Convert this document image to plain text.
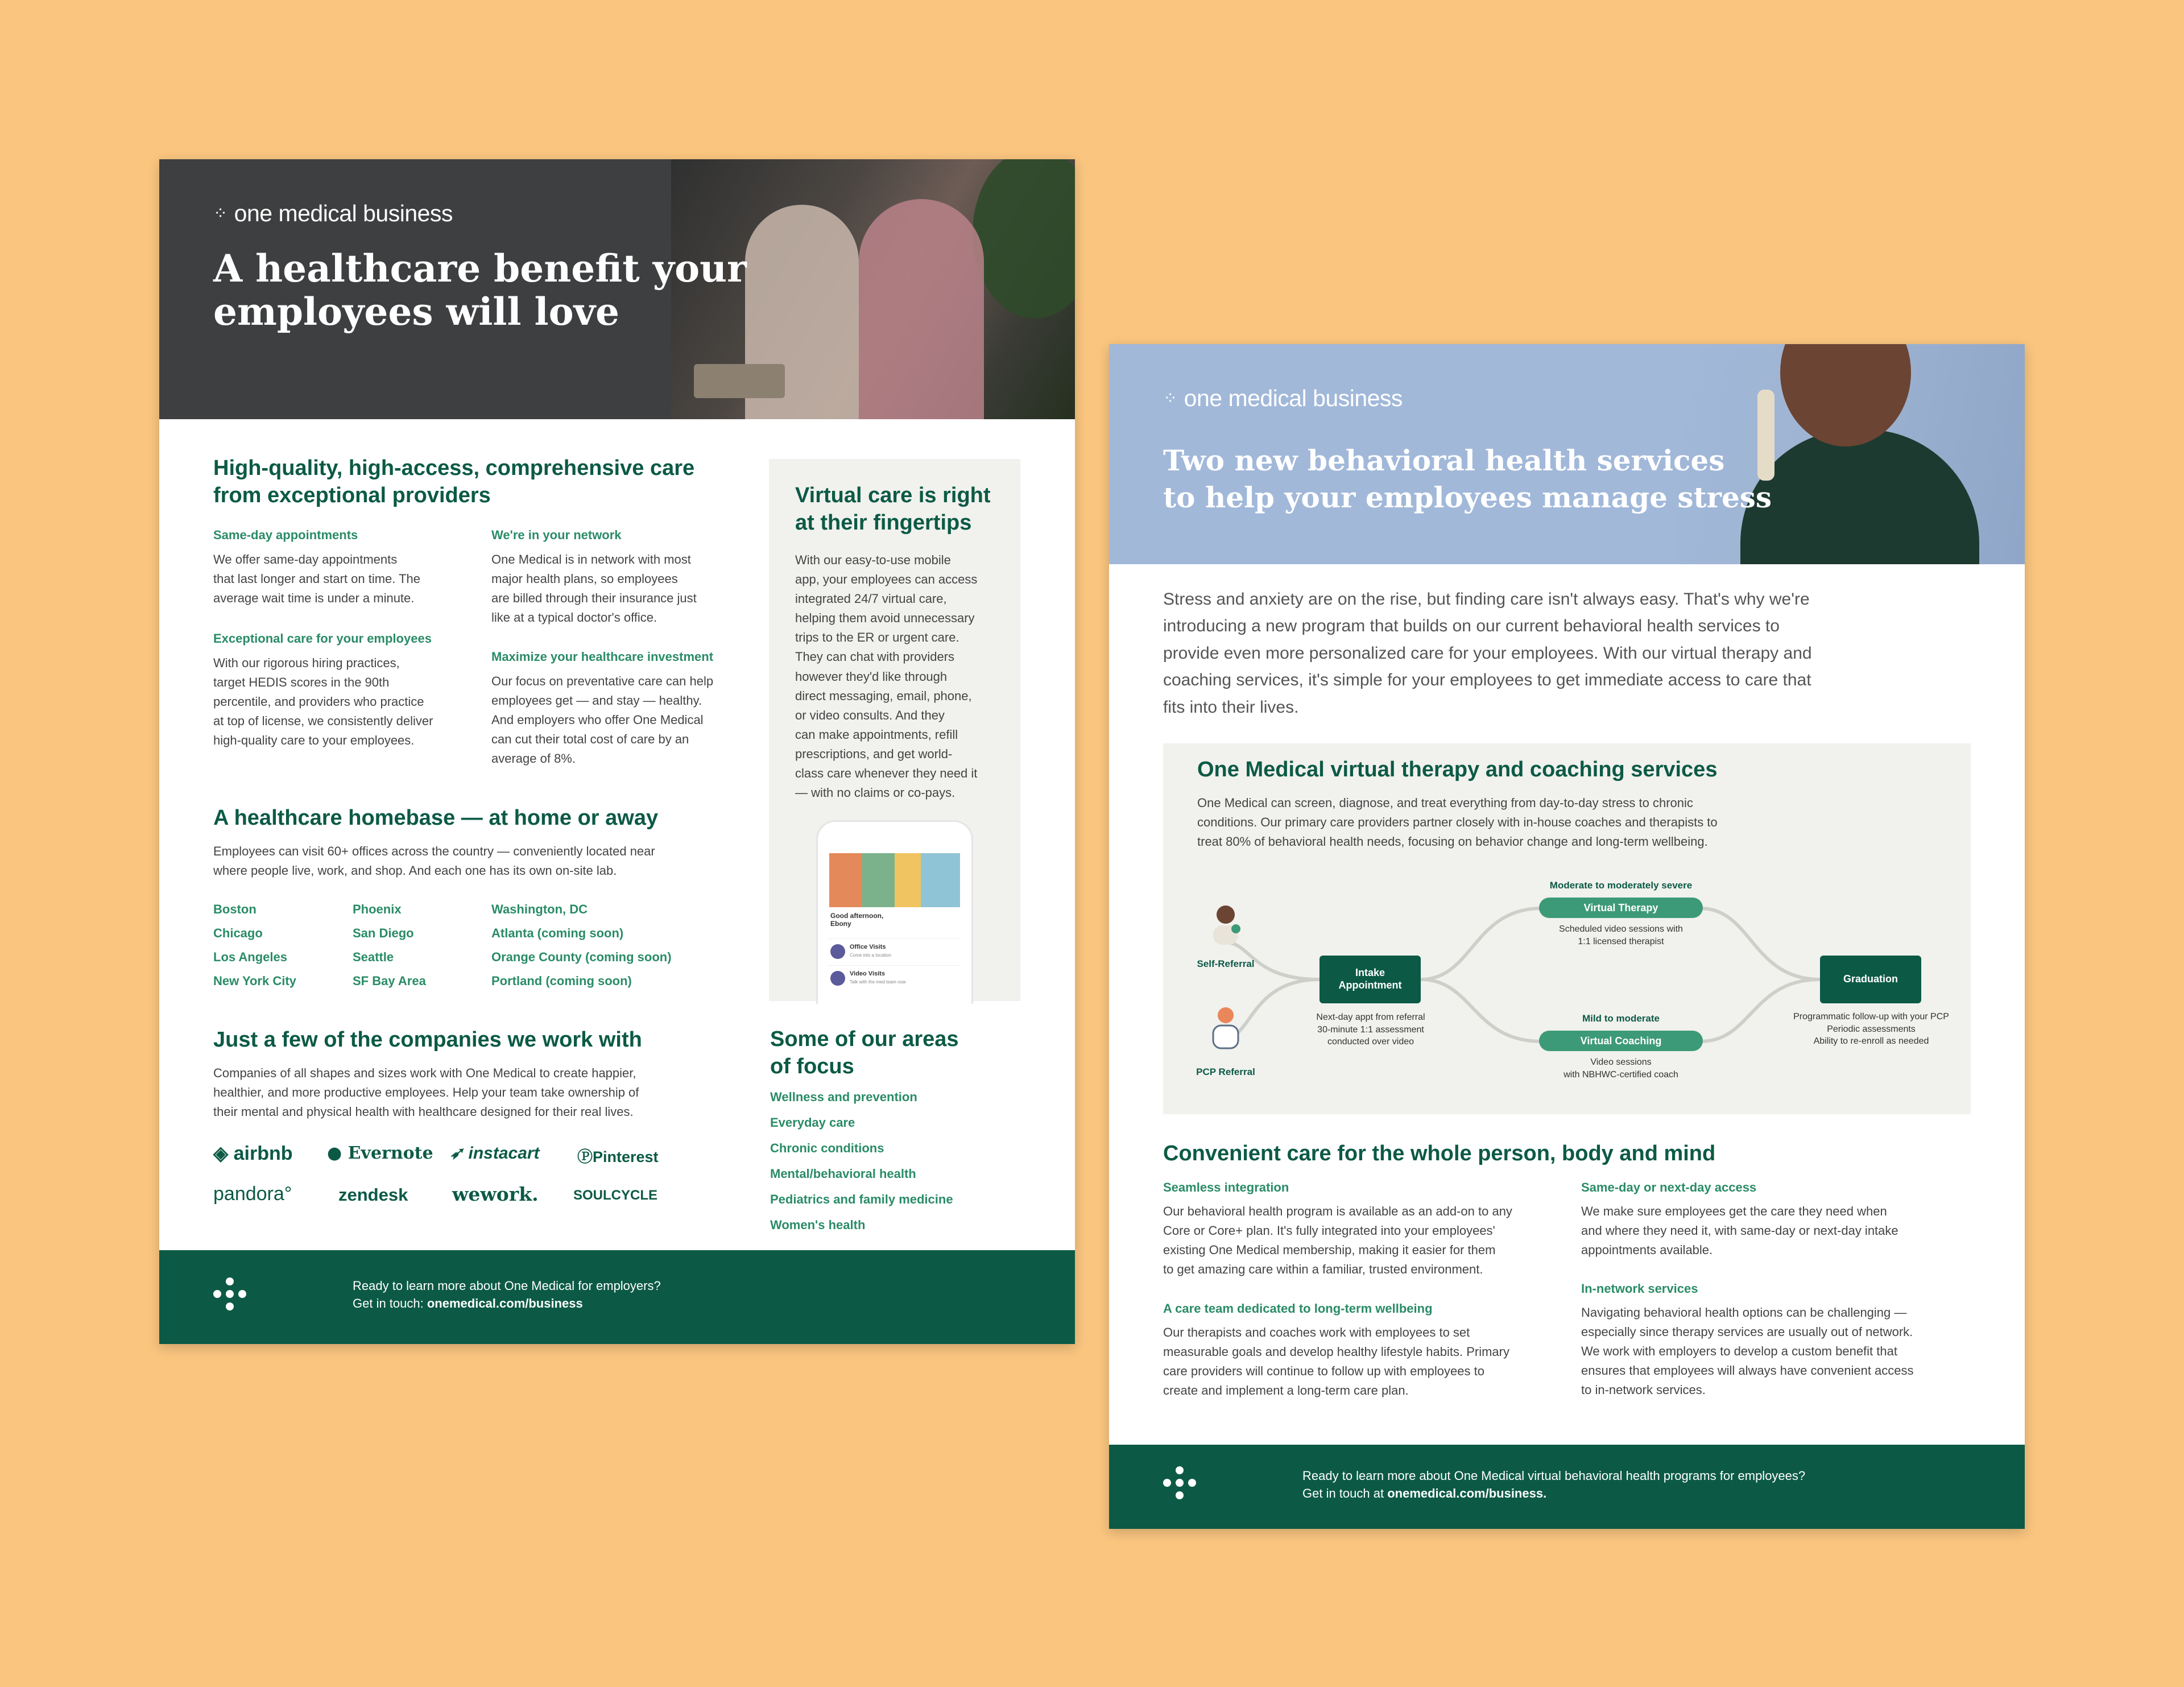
⁘ one medical business
A healthcare benefit your
employees will love
High-quality, high-access, comprehensive care
from exceptional providers

Same-day appointments

We offer same-day appointments
that last longer and start on time. The
average wait time is under a minute.

We're in your network

One Medical is in network with most
major health plans, so employees
are billed through their insurance just
like at a typical doctor's office.

Exceptional care for your employees

With our rigorous hiring practices,
target HEDIS scores in the 90th
percentile, and providers who practice
at top of license, we consistently deliver
high-quality care to your employees.

Maximize your healthcare investment

Our focus on preventative care can help
employees get — and stay — healthy.
And employers who offer One Medical
can cut their total cost of care by an
average of 8%.
Virtual care is right
at their fingertips
With our easy-to-use mobile
app, your employees can access
integrated 24/7 virtual care,
helping them avoid unnecessary
trips to the ER or urgent care.
They can chat with providers
however they'd like through
direct messaging, email, phone,
or video consults. And they
can make appointments, refill
prescriptions, and get world-
class care whenever they need it
— with no claims or co-pays.
Good afternoon,
Ebony
Office Visits
Come into a location
Video Visits
Talk with the med team now
A healthcare homebase — at home or away
Employees can visit 60+ offices across the country — conveniently located near
where people live, work, and shop. And each one has its own on-site lab.

Boston

Chicago

Los Angeles

New York City

Phoenix

San Diego

Seattle

SF Bay Area

Washington, DC

Atlanta (coming soon)

Orange County (coming soon)

Portland (coming soon)

Just a few of the companies we work with
Companies of all shapes and sizes work with One Medical to create happier,
healthier, and more productive employees. Help your team take ownership of
their mental and physical health with healthcare designed for their real lives.

◈ airbnb ● Evernote ➶ instacart ⓅPinterest

pandora°	zendesk wework.	SOULCYCLE

Some of our areas
of focus

Wellness and prevention

Everyday care

Chronic conditions

Mental/behavioral health

Pediatrics and family medicine

Women's health

Ready to learn more about One Medical for employers?
Get in touch: onemedical.com/business
⁘ one medical business
Two new behavioral health services
to help your employees manage stress
Stress and anxiety are on the rise, but finding care isn't always easy. That's why we're
introducing a new program that builds on our current behavioral health services to
provide even more personalized care for your employees. With our virtual therapy and
coaching services, it's simple for your employees to get immediate access to care that
fits into their lives.
One Medical virtual therapy and coaching services
One Medical can screen, diagnose, and treat everything from day-to-day stress to chronic
conditions. Our primary care providers partner closely with in-house coaches and therapists to
treat 80% of behavioral health needs, focusing on behavior change and long-term wellbeing.

Self-Referral

PCP Referral

Intake
Appointment
Next-day appt from referral
30-minute 1:1 assessment
conducted over video

Moderate to moderately severe

Virtual Therapy
Scheduled video sessions with
1:1 licensed therapist

Mild to moderate

Virtual Coaching
Video sessions
with NBHWC-certified coach
Graduation
Programmatic follow-up with your PCP
Periodic assessments
Ability to re-enroll as needed
Convenient care for the whole person, body and mind

Seamless integration

Our behavioral health program is available as an add-on to any
Core or Core+ plan. It's fully integrated into your employees'
existing One Medical membership, making it easier for them
to get amazing care within a familiar, trusted environment.

Same-day or next-day access

We make sure employees get the care they need when
and where they need it, with same-day or next-day intake
appointments available.

A care team dedicated to long-term wellbeing

Our therapists and coaches work with employees to set
measurable goals and develop healthy lifestyle habits. Primary
care providers will continue to follow up with employees to
create and implement a long-term care plan.

In-network services

Navigating behavioral health options can be challenging —
especially since therapy services are usually out of network.
We work with employers to develop a custom benefit that
ensures that employees will always have convenient access
to in-network services.
Ready to learn more about One Medical virtual behavioral health programs for employees?
Get in touch at onemedical.com/business.
